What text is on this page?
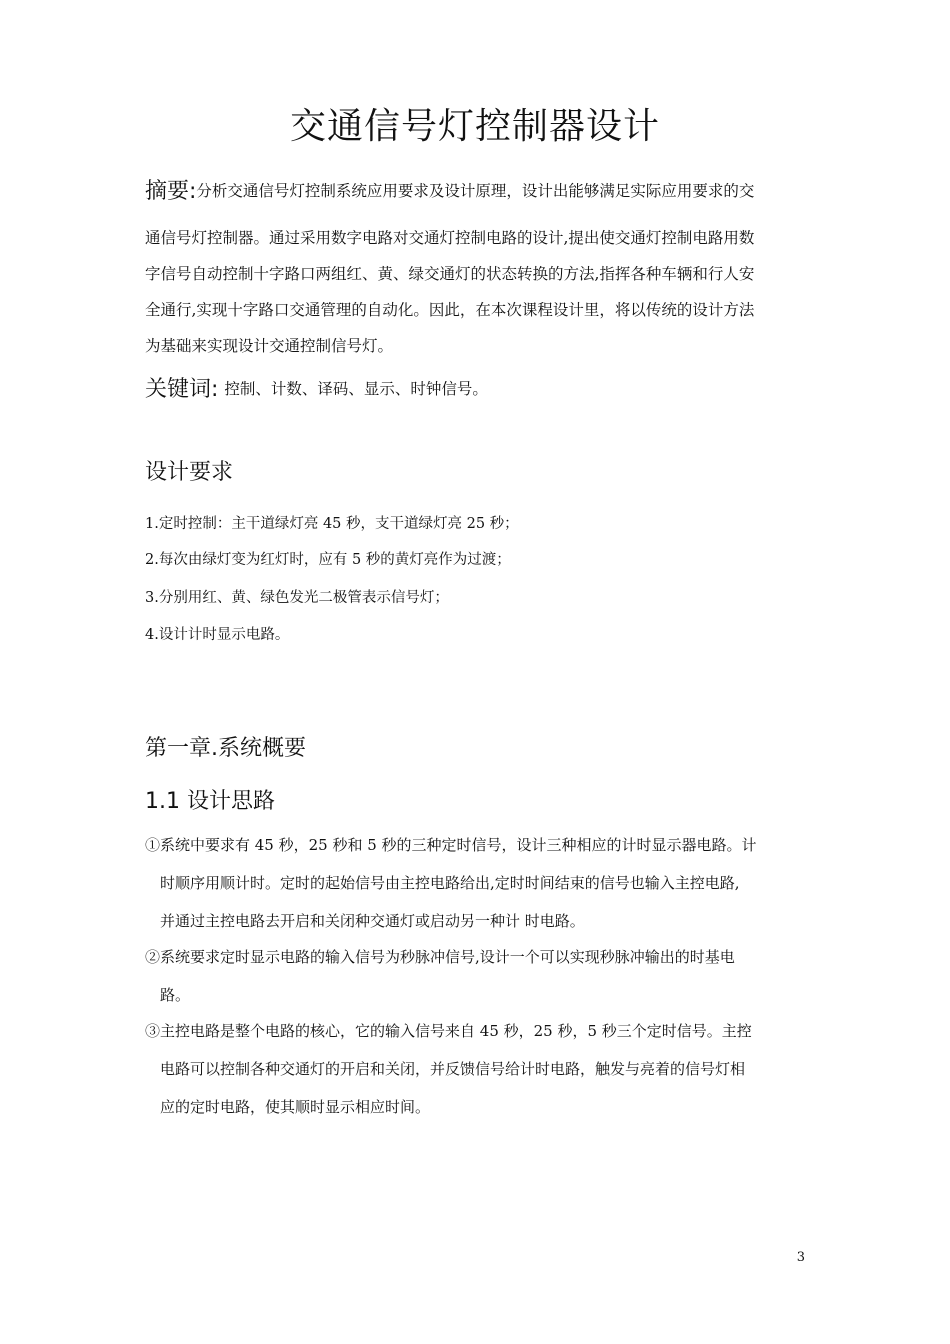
交通信号灯控制器设计
摘要:分析交通信号灯控制系统应用要求及设计原理，设计出能够满足实际应用要求的交
通信号灯控制器。通过采用数字电路对交通灯控制电路的设计,提出使交通灯控制电路用数
字信号自动控制十字路口两组红、黄、绿交通灯的状态转换的方法,指挥各种车辆和行人安
全通行,实现十字路口交通管理的自动化。因此，在本次课程设计里，将以传统的设计方法
为基础来实现设计交通控制信号灯。
关键词: 控制、计数、译码、显示、时钟信号。
设计要求
1.定时控制：主干道绿灯亮 45 秒，支干道绿灯亮 25 秒；
2.每次由绿灯变为红灯时，应有 5 秒的黄灯亮作为过渡；
3.分别用红、黄、绿色发光二极管表示信号灯；
4.设计计时显示电路。
第一章.系统概要
1.1 设计思路
①系统中要求有 45 秒，25 秒和 5 秒的三种定时信号，设计三种相应的计时显示器电路。计
时顺序用顺计时。定时的起始信号由主控电路给出,定时时间结束的信号也输入主控电路,
并通过主控电路去开启和关闭种交通灯或启动另一种计 时电路。
②系统要求定时显示电路的输入信号为秒脉冲信号,设计一个可以实现秒脉冲输出的时基电
路。
③主控电路是整个电路的核心，它的输入信号来自 45 秒，25 秒，5 秒三个定时信号。主控
电路可以控制各种交通灯的开启和关闭，并反馈信号给计时电路，触发与亮着的信号灯相
应的定时电路，使其顺时显示相应时间。
3
